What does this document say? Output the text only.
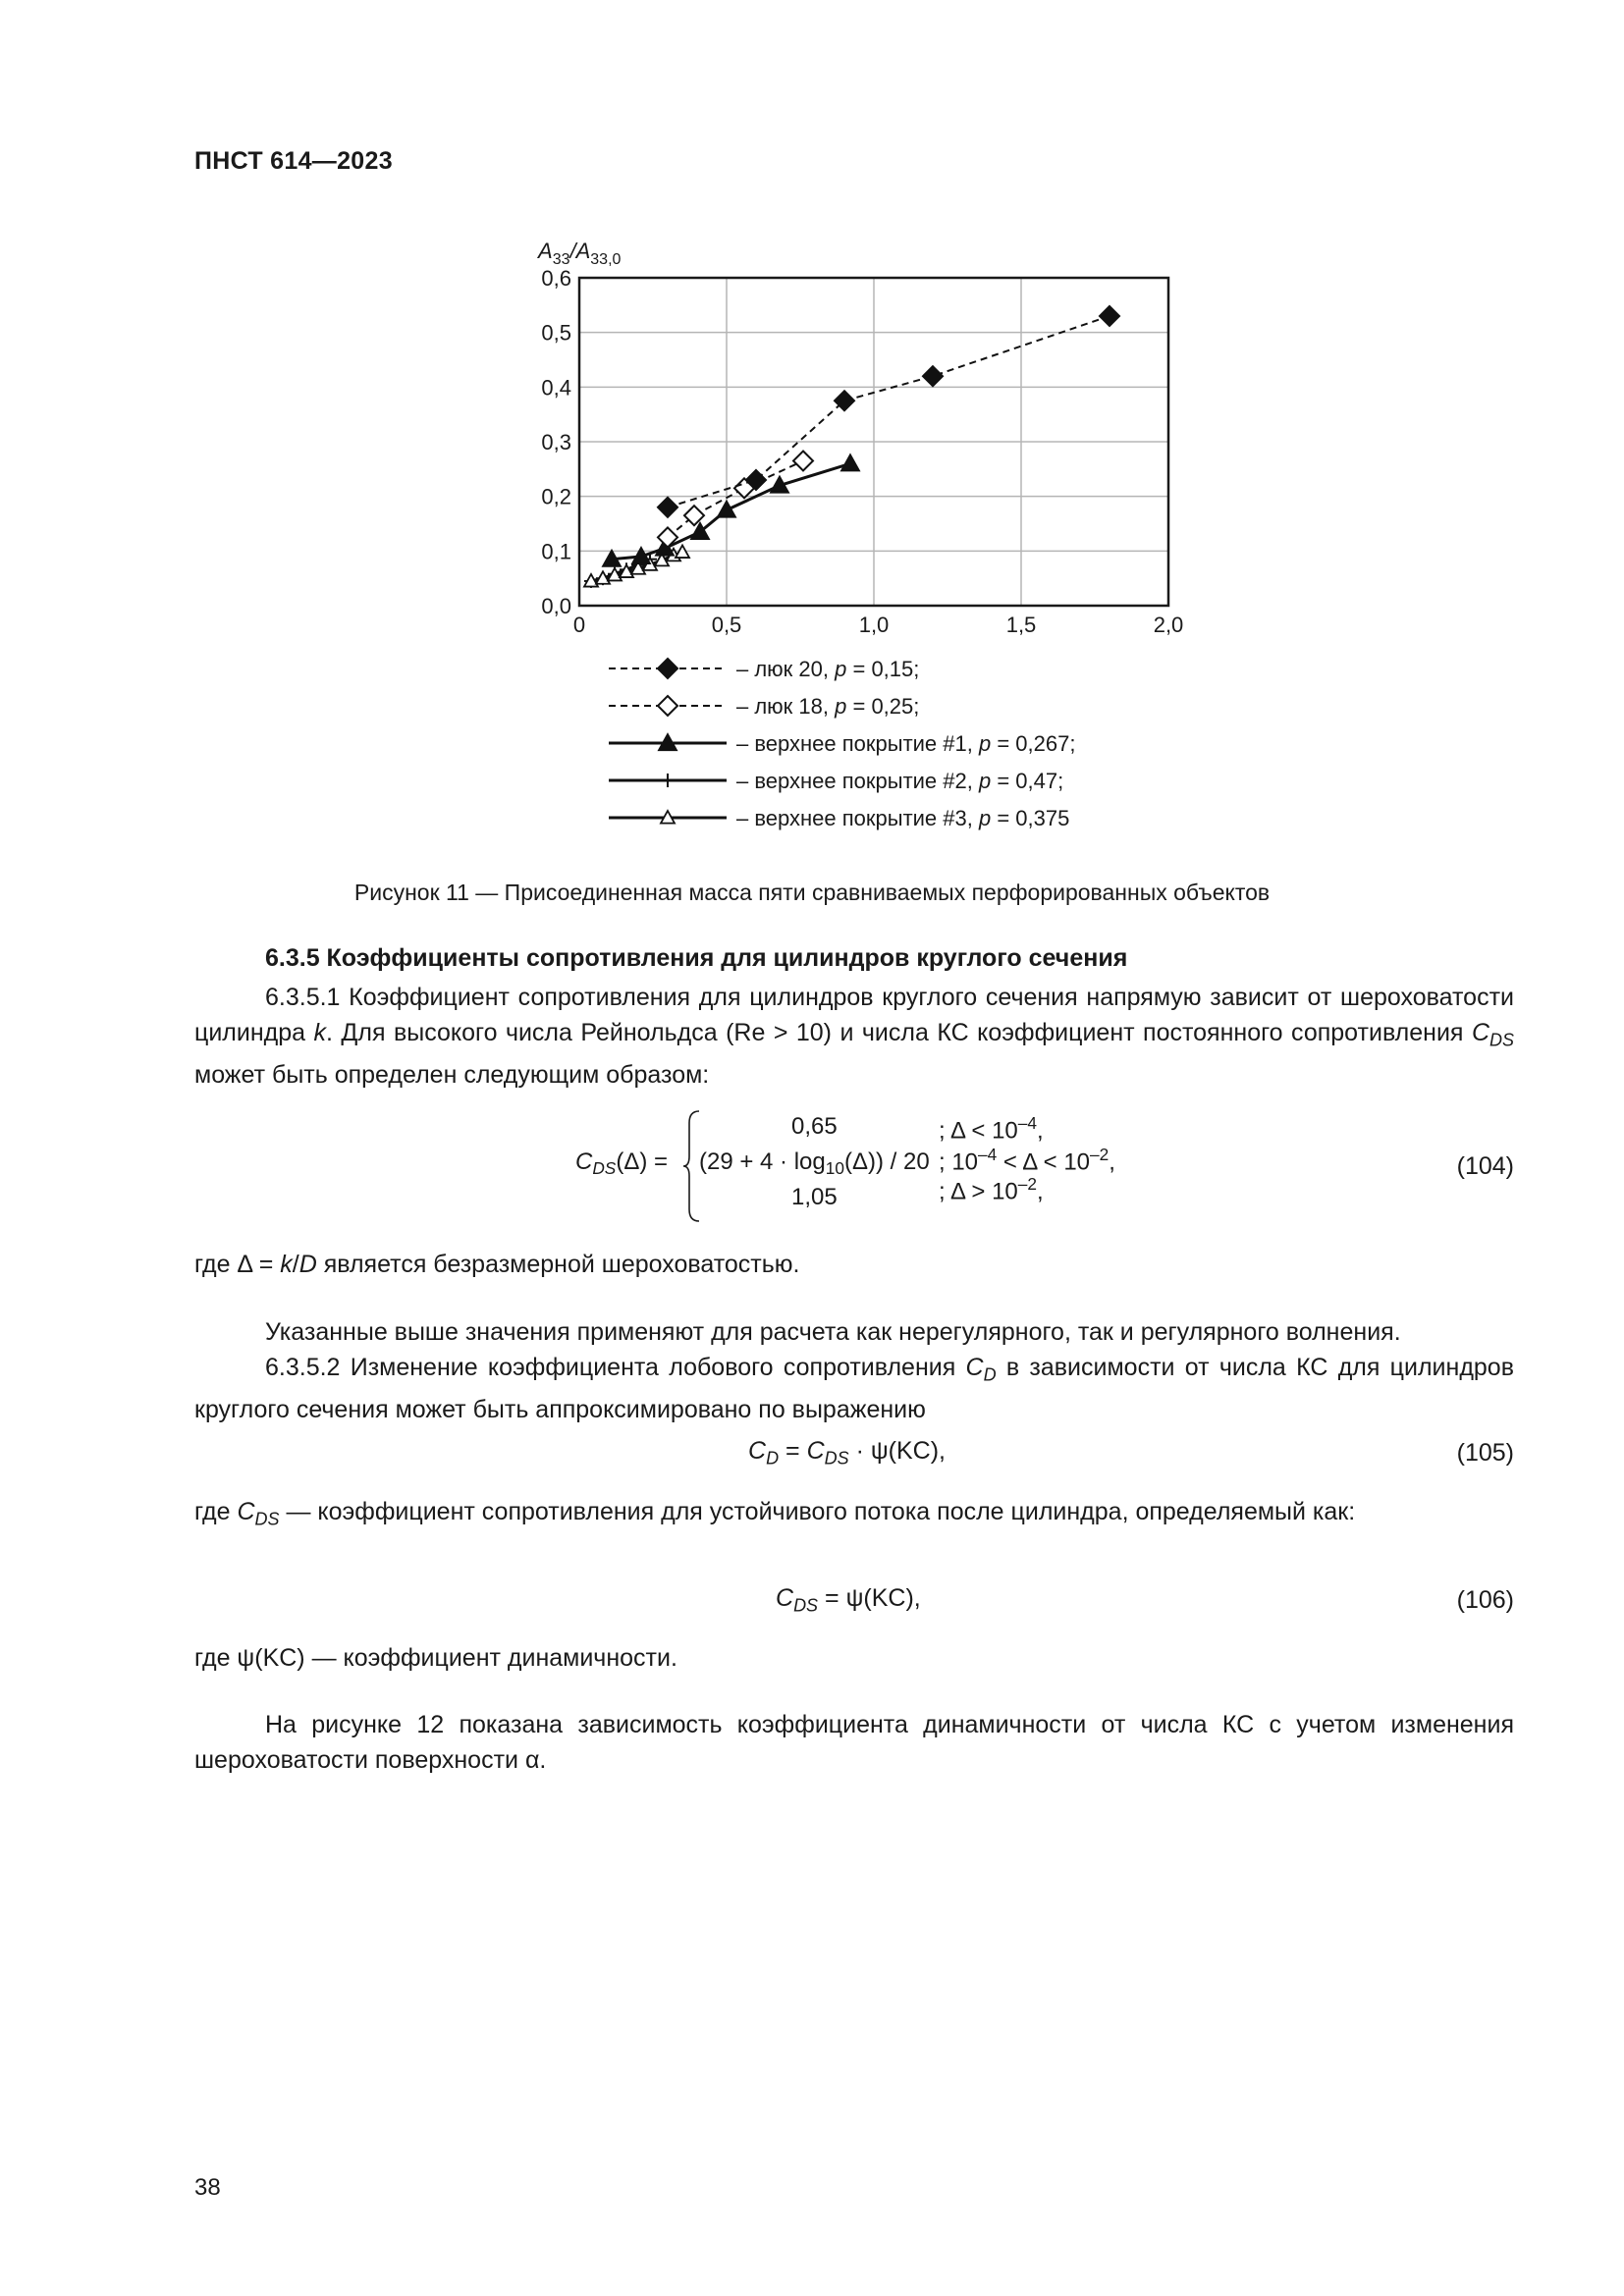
ПНСТ 614—2023
0,6
0,5
0,4
0,3
0,2
0,1
0,0
0	0,5	1,0	1,5	2,0
$A_{33}/A_{33,0}$
– люк 20, p = 0,15;
– люк 18, p = 0,25;
– верхнее покрытие #1, p = 0,267;
– верхнее покрытие #2, p = 0,47;
– верхнее покрытие #3, p = 0,375
Рисунок 11 — Присоединенная масса пяти сравниваемых перфорированных объектов
6.3.5 Коэффициенты сопротивления для цилиндров круглого сечения
6.3.5.1 Коэффициент сопротивления для цилиндров круглого сечения напрямую зависит от шероховатости цилиндра k. Для высокого числа Рейнольдса (Re > 10) и числа КС коэффициент постоянного сопротивления $C_{DS}$ может быть определен следующим образом:
$C_{DS}(\Delta)$ =
0,65
$(29 + 4 \cdot \log_{10}(\Delta)) / 20$
1,05
; $\Delta < 10^{-4}$,
; $10^{-4} < \Delta < 10^{-2}$,
; $\Delta > 10^{-2}$,
(104)
где Δ = k/D является безразмерной шероховатостью.
Указанные выше значения применяют для расчета как нерегулярного, так и регулярного волнения.
6.3.5.2 Изменение коэффициента лобового сопротивления $C_D$ в зависимости от числа КС для цилиндров круглого сечения может быть аппроксимировано по выражению
$C_D = C_{DS} \cdot \psi(KC)$,	(105)
где $C_{DS}$ — коэффициент сопротивления для устойчивого потока после цилиндра, определяемый как:
$C_{DS} = \psi(KC)$,	(106)
где ψ(KC) — коэффициент динамичности.
На рисунке 12 показана зависимость коэффициента динамичности от числа КС с учетом изменения шероховатости поверхности α.
38
